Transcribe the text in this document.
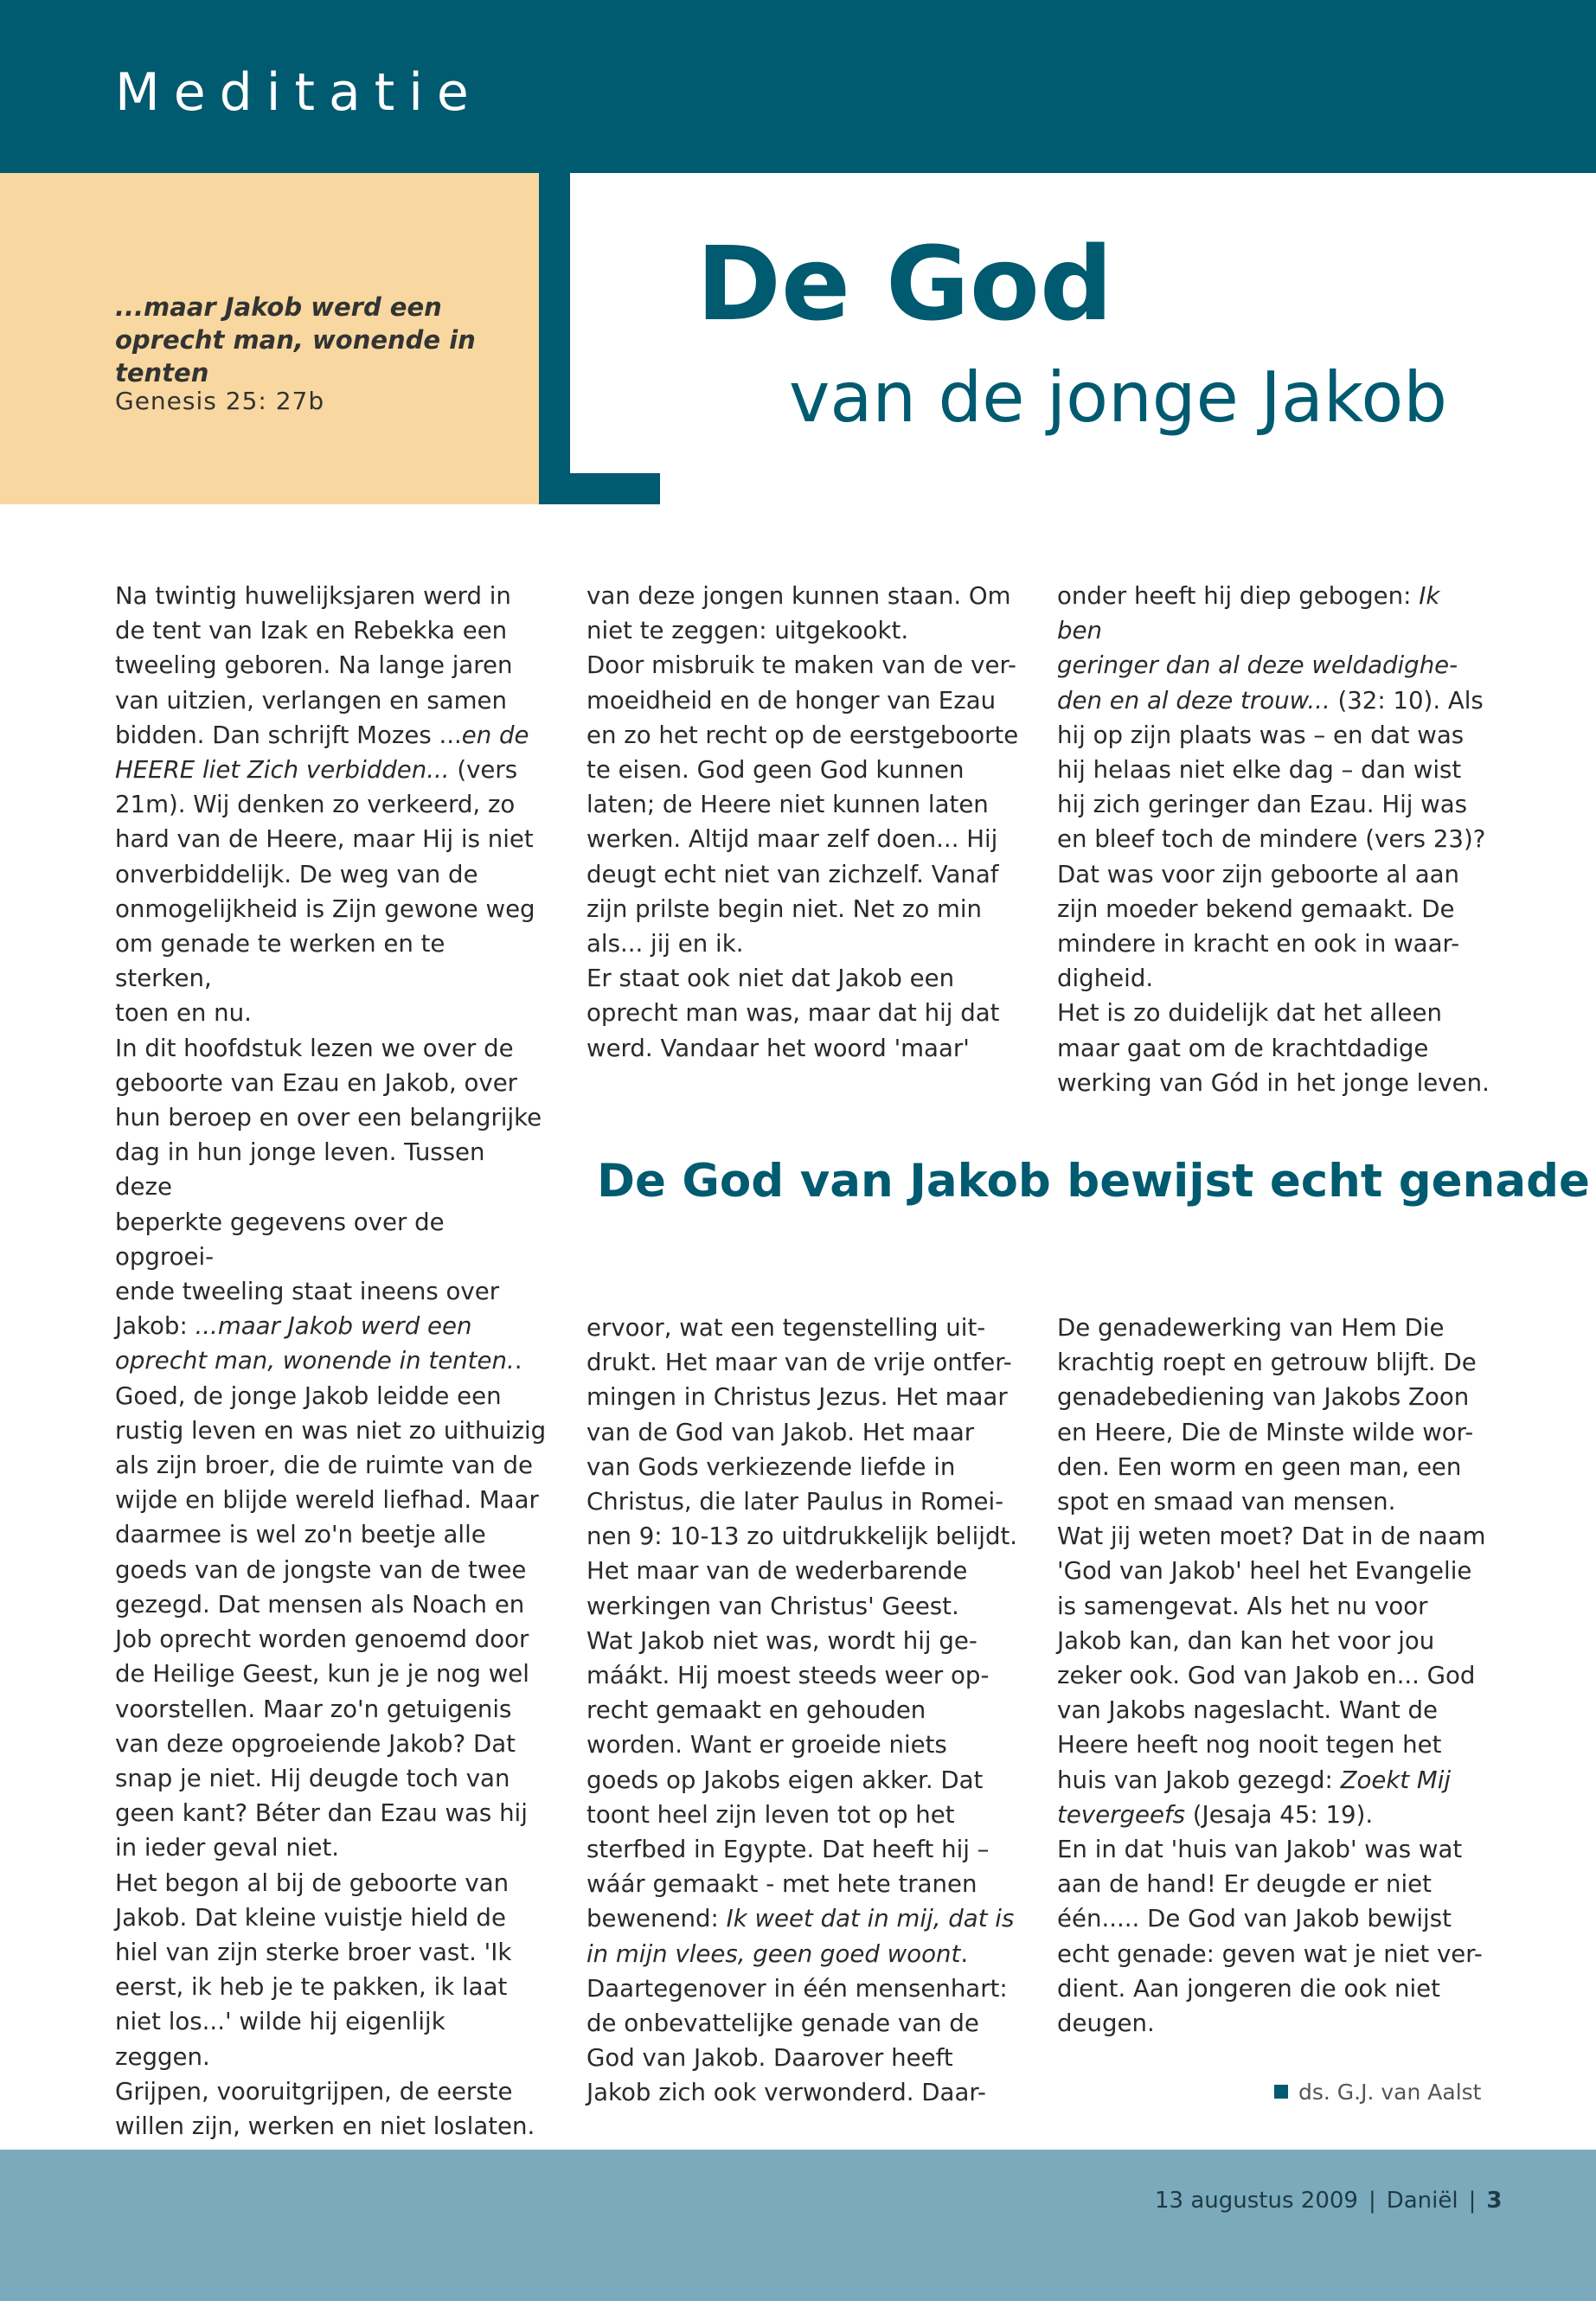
Meditatie
...maar Jakob werd een oprecht man, wonende in tenten
Genesis 25: 27b
De God
van de jonge Jakob

Na twintig huwelijksjaren werd in

de tent van Izak en Rebekka een

tweeling geboren. Na lange jaren

van uitzien, verlangen en samen

bidden. Dan schrijft Mozes ...en de

HEERE liet Zich verbidden... (vers

21m). Wij denken zo verkeerd, zo

hard van de Heere, maar Hij is niet

onverbiddelijk. De weg van de

onmogelijkheid is Zijn gewone weg

om genade te werken en te sterken,

toen en nu.

In dit hoofdstuk lezen we over de

geboorte van Ezau en Jakob, over

hun beroep en over een belangrijke

dag in hun jonge leven. Tussen deze

beperkte gegevens over de opgroei-

ende tweeling staat ineens over

Jakob: ...maar Jakob werd een

oprecht man, wonende in tenten..

Goed, de jonge Jakob leidde een

rustig leven en was niet zo uithuizig

als zijn broer, die de ruimte van de

wijde en blijde wereld liefhad. Maar

daarmee is wel zo'n beetje alle

goeds van de jongste van de twee

gezegd. Dat mensen als Noach en

Job oprecht worden genoemd door

de Heilige Geest, kun je je nog wel

voorstellen. Maar zo'n getuigenis

van deze opgroeiende Jakob? Dat

snap je niet. Hij deugde toch van

geen kant? Béter dan Ezau was hij

in ieder geval niet.

Het begon al bij de geboorte van

Jakob. Dat kleine vuistje hield de

hiel van zijn sterke broer vast. 'Ik

eerst, ik heb je te pakken, ik laat

niet los...' wilde hij eigenlijk zeggen.

Grijpen, vooruitgrijpen, de eerste

willen zijn, werken en niet loslaten.

van deze jongen kunnen staan. Om

niet te zeggen: uitgekookt.

Door misbruik te maken van de ver-

moeidheid en de honger van Ezau

en zo het recht op de eerstgeboorte

te eisen. God geen God kunnen

laten; de Heere niet kunnen laten

werken. Altijd maar zelf doen... Hij

deugt echt niet van zichzelf. Vanaf

zijn prilste begin niet. Net zo min

als... jij en ik.

Er staat ook niet dat Jakob een

oprecht man was, maar dat hij dat

werd. Vandaar het woord 'maar'

onder heeft hij diep gebogen: Ik ben

geringer dan al deze weldadighe-

den en al deze trouw... (32: 10). Als

hij op zijn plaats was – en dat was

hij helaas niet elke dag – dan wist

hij zich geringer dan Ezau. Hij was

en bleef toch de mindere (vers 23)?

Dat was voor zijn geboorte al aan

zijn moeder bekend gemaakt. De

mindere in kracht en ook in waar-

digheid.

Het is zo duidelijk dat het alleen

maar gaat om de krachtdadige

werking van Gód in het jonge leven.

De God van Jakob bewijst echt genade

ervoor, wat een tegenstelling uit-

drukt. Het maar van de vrije ontfer-

mingen in Christus Jezus. Het maar

van de God van Jakob. Het maar

van Gods verkiezende liefde in

Christus, die later Paulus in Romei-

nen 9: 10-13 zo uitdrukkelijk belijdt.

Het maar van de wederbarende

werkingen van Christus' Geest.

Wat Jakob niet was, wordt hij ge-

máákt. Hij moest steeds weer op-

recht gemaakt en gehouden

worden. Want er groeide niets

goeds op Jakobs eigen akker. Dat

toont heel zijn leven tot op het

sterfbed in Egypte. Dat heeft hij –

wáár gemaakt - met hete tranen

bewenend: Ik weet dat in mij, dat is

in mijn vlees, geen goed woont.

Daartegenover in één mensenhart:

de onbevattelijke genade van de

God van Jakob. Daarover heeft

Jakob zich ook verwonderd. Daar-

De genadewerking van Hem Die

krachtig roept en getrouw blijft. De

genadebediening van Jakobs Zoon

en Heere, Die de Minste wilde wor-

den. Een worm en geen man, een

spot en smaad van mensen.

Wat jij weten moet? Dat in de naam

'God van Jakob' heel het Evangelie

is samengevat. Als het nu voor

Jakob kan, dan kan het voor jou

zeker ook. God van Jakob en... God

van Jakobs nageslacht. Want de

Heere heeft nog nooit tegen het

huis van Jakob gezegd: Zoekt Mij

tevergeefs (Jesaja 45: 19).

En in dat 'huis van Jakob' was wat

aan de hand! Er deugde er niet

één..... De God van Jakob bewijst

echt genade: geven wat je niet ver-

dient. Aan jongeren die ook niet

deugen.

ds. G.J. van Aalst
13 augustus 2009 | Daniël | 3
